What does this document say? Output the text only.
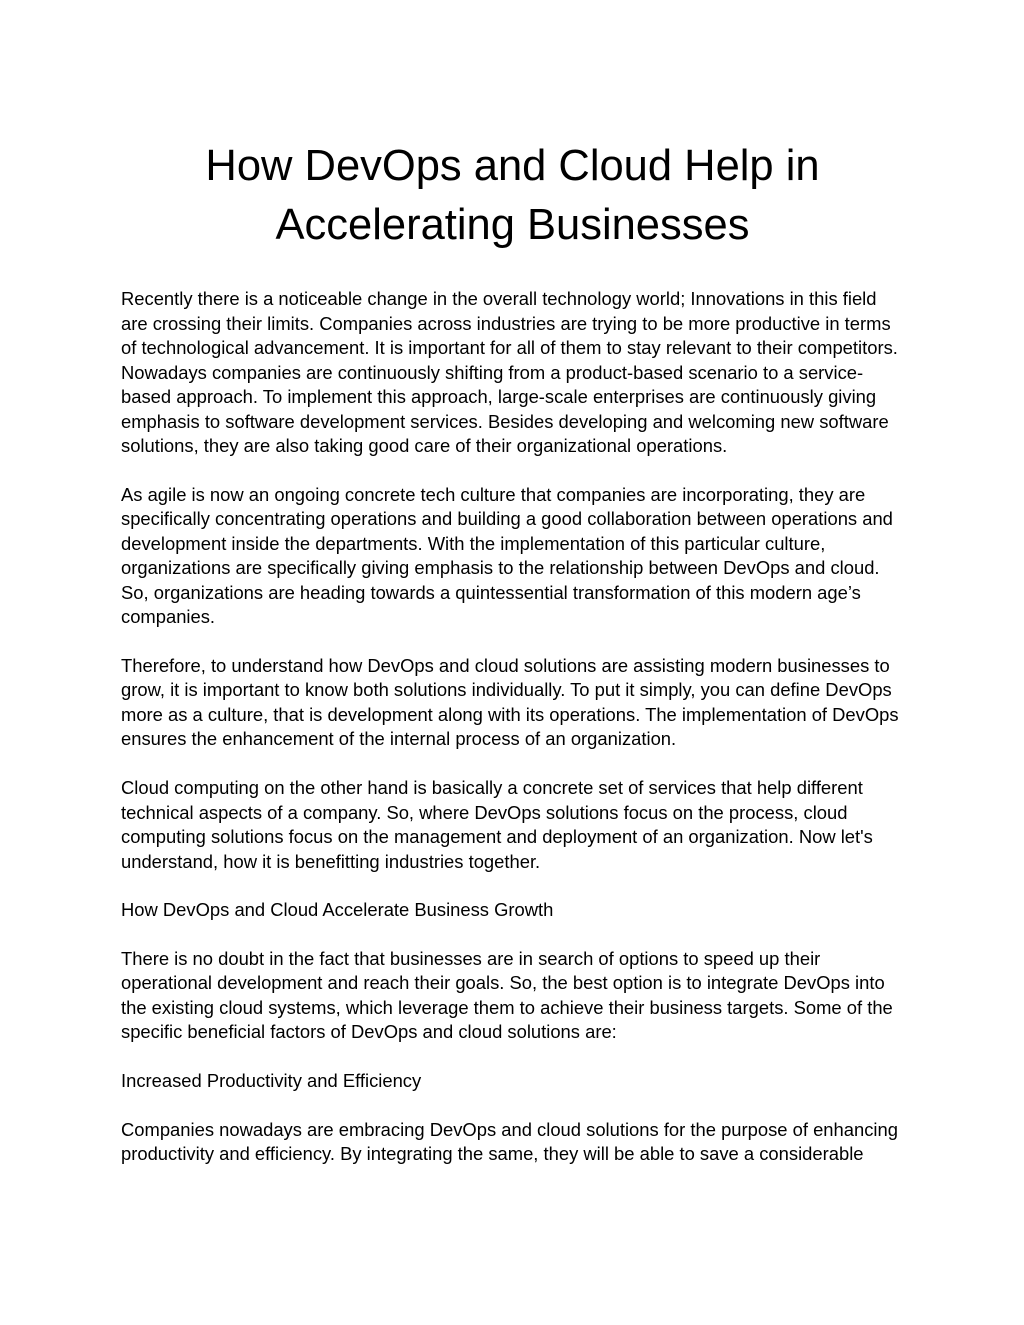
How DevOps and Cloud Help in
Accelerating Businesses

Recently there is a noticeable change in the overall technology world; Innovations in this field are crossing their limits. Companies across industries are trying to be more productive in terms of technological advancement. It is important for all of them to stay relevant to their competitors. Nowadays companies are continuously shifting from a product-based scenario to a service-based approach. To implement this approach, large-scale enterprises are continuously giving emphasis to software development services. Besides developing and welcoming new software solutions, they are also taking good care of their organizational operations.

As agile is now an ongoing concrete tech culture that companies are incorporating, they are specifically concentrating operations and building a good collaboration between operations and development inside the departments. With the implementation of this particular culture, organizations are specifically giving emphasis to the relationship between DevOps and cloud. So, organizations are heading towards a quintessential transformation of this modern age’s companies.

Therefore, to understand how DevOps and cloud solutions are assisting modern businesses to grow, it is important to know both solutions individually. To put it simply, you can define DevOps more as a culture, that is development along with its operations. The implementation of DevOps ensures the enhancement of the internal process of an organization.

Cloud computing on the other hand is basically a concrete set of services that help different technical aspects of a company. So, where DevOps solutions focus on the process, cloud computing solutions focus on the management and deployment of an organization. Now let's understand, how it is benefitting industries together.

How DevOps and Cloud Accelerate Business Growth

There is no doubt in the fact that businesses are in search of options to speed up their operational development and reach their goals. So, the best option is to integrate DevOps into the existing cloud systems, which leverage them to achieve their business targets. Some of the specific beneficial factors of DevOps and cloud solutions are:

Increased Productivity and Efficiency

Companies nowadays are embracing DevOps and cloud solutions for the purpose of enhancing productivity and efficiency. By integrating the same, they will be able to save a considerable
